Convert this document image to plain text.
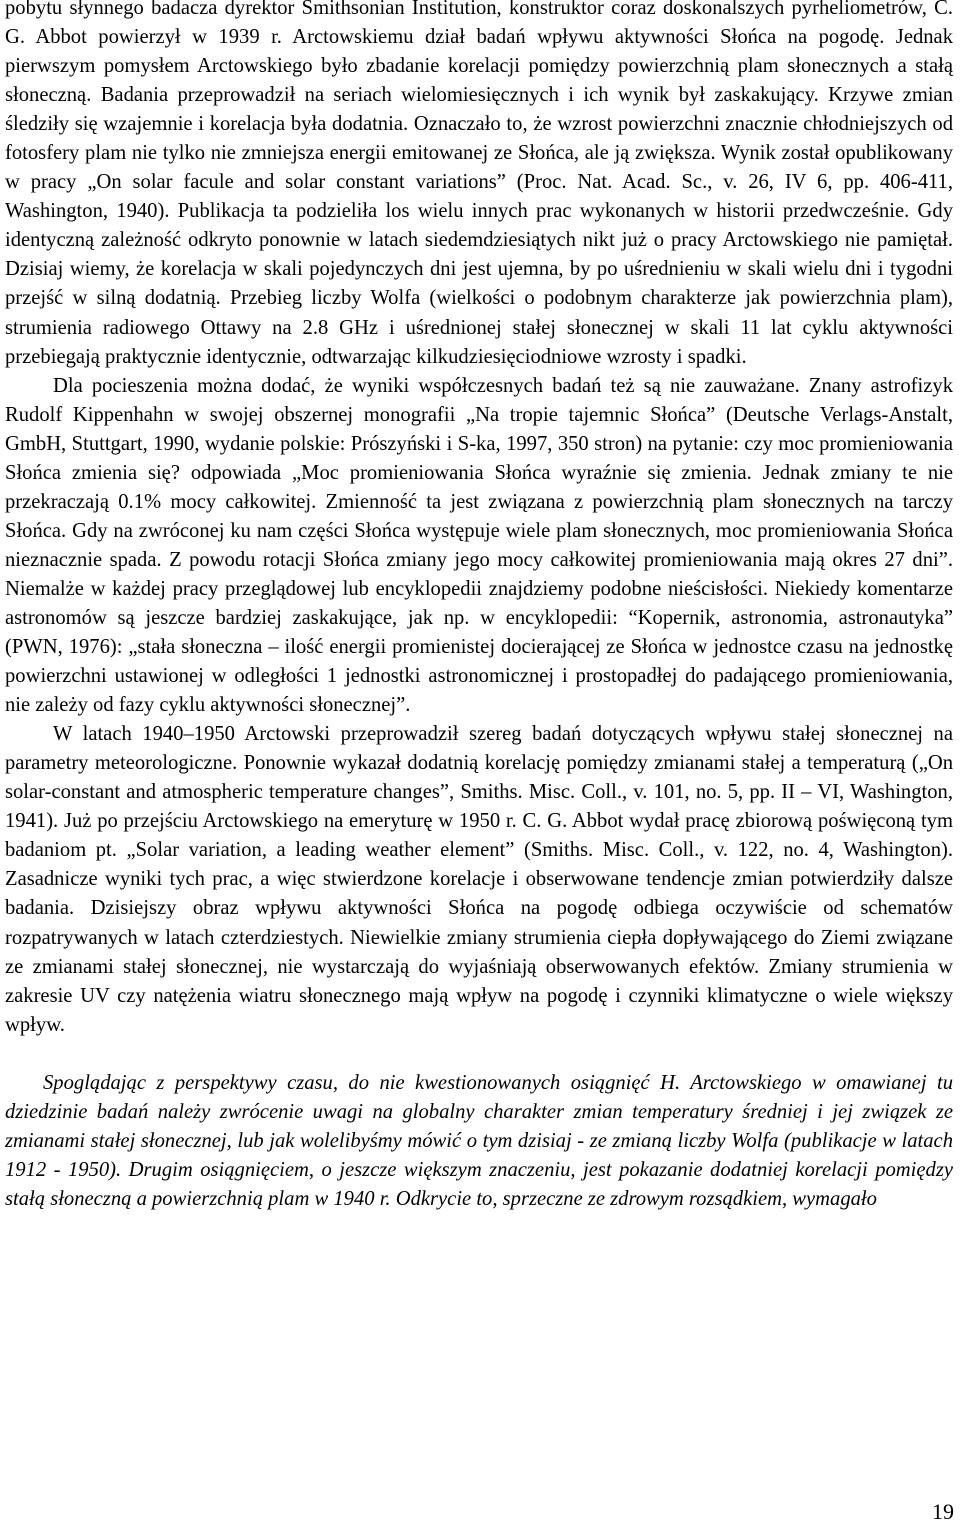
pobytu słynnego badacza dyrektor Smithsonian Institution, konstruktor coraz doskonalszych pyrheliometrów, C. G. Abbot powierzył w 1939 r. Arctowskiemu dział badań wpływu aktywności Słońca na pogodę. Jednak pierwszym pomysłem Arctowskiego było zbadanie korelacji pomiędzy powierzchnią plam słonecznych a stałą słoneczną. Badania przeprowadził na seriach wielomiesięcznych i ich wynik był zaskakujący. Krzywe zmian śledziły się wzajemnie i korelacja była dodatnia. Oznaczało to, że wzrost powierzchni znacznie chłodniejszych od fotosfery plam nie tylko nie zmniejsza energii emitowanej ze Słońca, ale ją zwiększa. Wynik został opublikowany w pracy „On solar facule and solar constant variations” (Proc. Nat. Acad. Sc., v. 26, IV 6, pp. 406-411, Washington, 1940). Publikacja ta podzieliła los wielu innych prac wykonanych w historii przedwcześnie. Gdy identyczną zależność odkryto ponownie w latach siedemdziesiątych nikt już o pracy Arctowskiego nie pamiętał. Dzisiaj wiemy, że korelacja w skali pojedynczych dni jest ujemna, by po uśrednieniu w skali wielu dni i tygodni przejść w silną dodatnią. Przebieg liczby Wolfa (wielkości o podobnym charakterze jak powierzchnia plam), strumienia radiowego Ottawy na 2.8 GHz i uśrednionej stałej słonecznej w skali 11 lat cyklu aktywności przebiegają praktycznie identycznie, odtwarzając kilkudziesięciodniowe wzrosty i spadki.

Dla pocieszenia można dodać, że wyniki współczesnych badań też są nie zauważane. Znany astrofizyk Rudolf Kippenhahn w swojej obszernej monografii „Na tropie tajemnic Słońca” (Deutsche Verlags-Anstalt, GmbH, Stuttgart, 1990, wydanie polskie: Prószyński i S-ka, 1997, 350 stron) na pytanie: czy moc promieniowania Słońca zmienia się? odpowiada „Moc promieniowania Słońca wyraźnie się zmienia. Jednak zmiany te nie przekraczają 0.1% mocy całkowitej. Zmienność ta jest związana z powierzchnią plam słonecznych na tarczy Słońca. Gdy na zwróconej ku nam części Słońca występuje wiele plam słonecznych, moc promieniowania Słońca nieznacznie spada. Z powodu rotacji Słońca zmiany jego mocy całkowitej promieniowania mają okres 27 dni”. Niemalże w każdej pracy przeglądowej lub encyklopedii znajdziemy podobne nieścisłości. Niekiedy komentarze astronomów są jeszcze bardziej zaskakujące, jak np. w encyklopedii: “Kopernik, astronomia, astronautyka” (PWN, 1976): „stała słoneczna – ilość energii promienistej docierającej ze Słońca w jednostce czasu na jednostkę powierzchni ustawionej w odległości 1 jednostki astronomicznej i prostopadłej do padającego promieniowania, nie zależy od fazy cyklu aktywności słonecznej”.

W latach 1940–1950 Arctowski przeprowadził szereg badań dotyczących wpływu stałej słonecznej na parametry meteorologiczne. Ponownie wykazał dodatnią korelację pomiędzy zmianami stałej a temperaturą („On solar-constant and atmospheric temperature changes”, Smiths. Misc. Coll., v. 101, no. 5, pp. II – VI, Washington, 1941). Już po przejściu Arctowskiego na emeryturę w 1950 r. C. G. Abbot wydał pracę zbiorową poświęconą tym badaniom pt. „Solar variation, a leading weather element” (Smiths. Misc. Coll., v. 122, no. 4, Washington). Zasadnicze wyniki tych prac, a więc stwierdzone korelacje i obserwowane tendencje zmian potwierdziły dalsze badania. Dzisiejszy obraz wpływu aktywności Słońca na pogodę odbiega oczywiście od schematów rozpatrywanych w latach czterdziestych. Niewielkie zmiany strumienia ciepła dopływającego do Ziemi związane ze zmianami stałej słonecznej, nie wystarczają do wyjaśniają obserwowanych efektów. Zmiany strumienia w zakresie UV czy natężenia wiatru słonecznego mają wpływ na pogodę i czynniki klimatyczne o wiele większy wpływ.

Spoglądając z perspektywy czasu, do nie kwestionowanych osiągnięć H. Arctowskiego w omawianej tu dziedzinie badań należy zwrócenie uwagi na globalny charakter zmian temperatury średniej i jej związek ze zmianami stałej słonecznej, lub jak wolelibyśmy mówić o tym dzisiaj - ze zmianą liczby Wolfa (publikacje w latach 1912 - 1950). Drugim osiągnięciem, o jeszcze większym znaczeniu, jest pokazanie dodatniej korelacji pomiędzy stałą słoneczną a powierzchnią plam w 1940 r. Odkrycie to, sprzeczne ze zdrowym rozsądkiem, wymagało

19
